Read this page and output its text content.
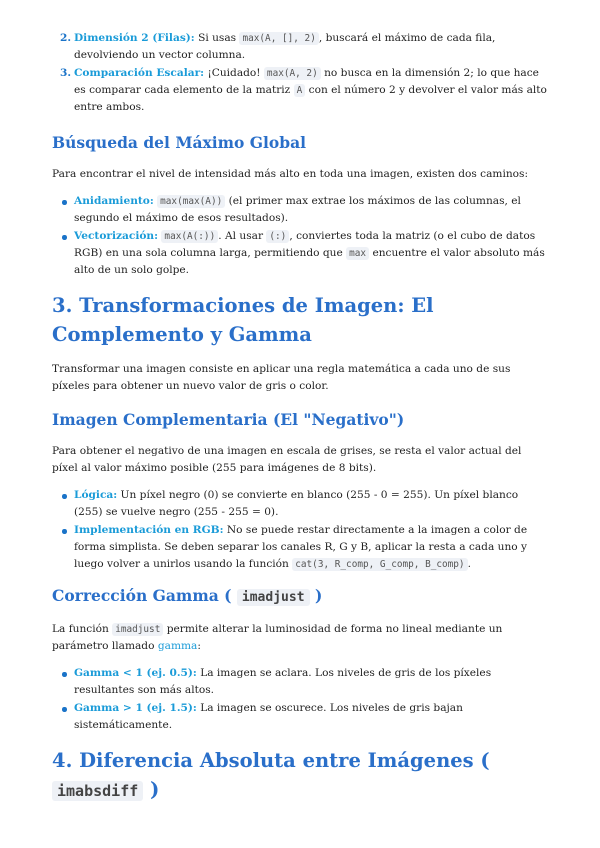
2. Dimensión 2 (Filas): Si usas max(A, [], 2) , buscará el máximo de cada fila, devolviendo un vector columna.
3. Comparación Escalar: ¡Cuidado! max(A, 2) no busca en la dimensión 2; lo que hace es comparar cada elemento de la matriz A con el número 2 y devolver el valor más alto entre ambos.
Búsqueda del Máximo Global

Para encontrar el nivel de intensidad más alto en toda una imagen, existen dos caminos:

Anidamiento: max(max(A)) (el primer max extrae los máximos de las columnas, el segundo el máximo de esos resultados).
Vectorización: max(A(:)) . Al usar (:) , conviertes toda la matriz (o el cubo de datos RGB) en una sola columna larga, permitiendo que max encuentre el valor absoluto más alto de un solo golpe.
3. Transformaciones de Imagen: El Complemento y Gamma

Transformar una imagen consiste en aplicar una regla matemática a cada uno de sus píxeles para obtener un nuevo valor de gris o color.

Imagen Complementaria (El "Negativo")

Para obtener el negativo de una imagen en escala de grises, se resta el valor actual del píxel al valor máximo posible (255 para imágenes de 8 bits).

Lógica: Un píxel negro (0) se convierte en blanco (255 - 0 = 255). Un píxel blanco (255) se vuelve negro (255 - 255 = 0).
Implementación en RGB: No se puede restar directamente a la imagen a color de forma simplista. Se deben separar los canales R, G y B, aplicar la resta a cada uno y luego volver a unirlos usando la función cat(3, R_comp, G_comp, B_comp) .
Corrección Gamma ( imadjust )

La función imadjust permite alterar la luminosidad de forma no lineal mediante un parámetro llamado gamma:

Gamma < 1 (ej. 0.5): La imagen se aclara. Los niveles de gris de los píxeles resultantes son más altos.
Gamma > 1 (ej. 1.5): La imagen se oscurece. Los niveles de gris bajan sistemáticamente.
4. Diferencia Absoluta entre Imágenes ( imabsdiff )
